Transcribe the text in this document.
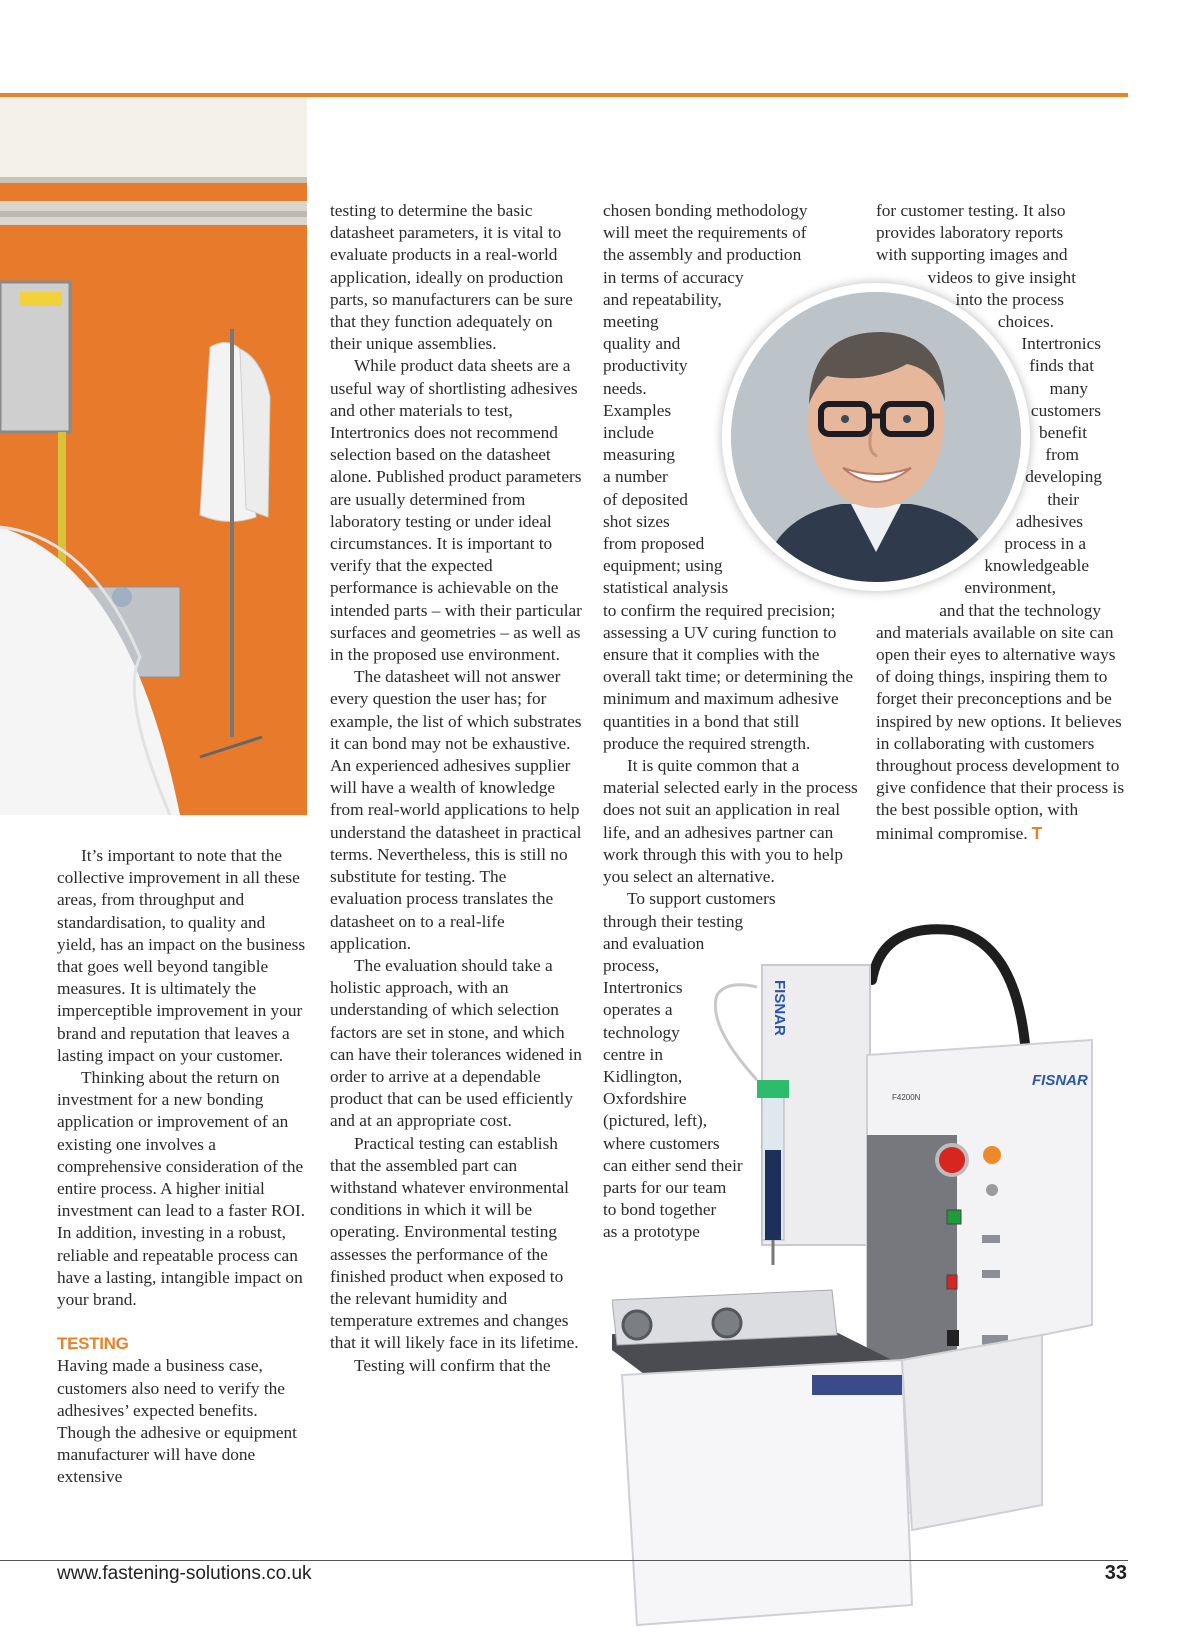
It’s important to note that the collective improvement in all these areas, from throughput and standardisation, to quality and yield, has an impact on the business that goes well beyond tangible measures. It is ultimately the imperceptible improvement in your brand and reputation that leaves a lasting impact on your customer.

Thinking about the return on investment for a new bonding application or improvement of an existing one involves a comprehensive consideration of the entire process. A higher initial investment can lead to a faster ROI. In addition, investing in a robust, reliable and repeatable process can have a lasting, intangible impact on your brand.

TESTING

Having made a business case, customers also need to verify the adhesives’ expected benefits. Though the adhesive or equipment manufacturer will have done extensive

testing to determine the basic datasheet parameters, it is vital to evaluate products in a real-world application, ideally on production parts, so manufacturers can be sure that they function adequately on their unique assemblies.

While product data sheets are a useful way of shortlisting adhesives and other materials to test, Intertronics does not recommend selection based on the datasheet alone. Published product parameters are usually determined from laboratory testing or under ideal circumstances. It is important to verify that the expected performance is achievable on the intended parts – with their particular surfaces and geometries – as well as in the proposed use environment.

The datasheet will not answer every question the user has; for example, the list of which substrates it can bond may not be exhaustive. An experienced adhesives supplier will have a wealth of knowledge from real-world applications to help understand the datasheet in practical terms. Nevertheless, this is still no substitute for testing. The evaluation process translates the datasheet on to a real-life application.

The evaluation should take a holistic approach, with an understanding of which selection factors are set in stone, and which can have their tolerances widened in order to arrive at a dependable product that can be used efficiently and at an appropriate cost.

Practical testing can establish that the assembled part can withstand whatever environmental conditions in which it will be operating. Environmental testing assesses the performance of the finished product when exposed to the relevant humidity and temperature extremes and changes that it will likely face in its lifetime.

Testing will confirm that the

chosen bonding methodology
will meet the requirements of
the assembly and production
in terms of accuracy
and repeatability,
meeting
quality and
productivity
needs.
Examples
include
measuring
a number
of deposited
shot sizes
from proposed
equipment; using
statistical analysis

to confirm the required precision; assessing a UV curing function to ensure that it complies with the overall takt time; or determining the minimum and maximum adhesive quantities in a bond that still produce the required strength.

It is quite common that a material selected early in the process does not suit an application in real life, and an adhesives partner can work through this with you to help you select an alternative.

To support customers
through their testing
and evaluation
process,
Intertronics
operates a
technology
centre in
Kidlington,
Oxfordshire
(pictured, left),
where customers
can either send their
parts for our team
to bond together
as a prototype
for customer testing. It also
provides laboratory reports
with supporting images and
videos to give insight
into the process
choices.
Intertronics
finds that
many
customers
benefit
from
developing
their
adhesives
process in a
knowledgeable
environment,
and that the technology

and materials available on site can open their eyes to alternative ways of doing things, inspiring them to forget their preconceptions and be inspired by new options. It believes in collaborating with customers throughout process development to give confidence that their process is the best possible option, with minimal compromise. T

FISNAR
FISNAR
F4200N
www.fastening-solutions.co.uk	33
